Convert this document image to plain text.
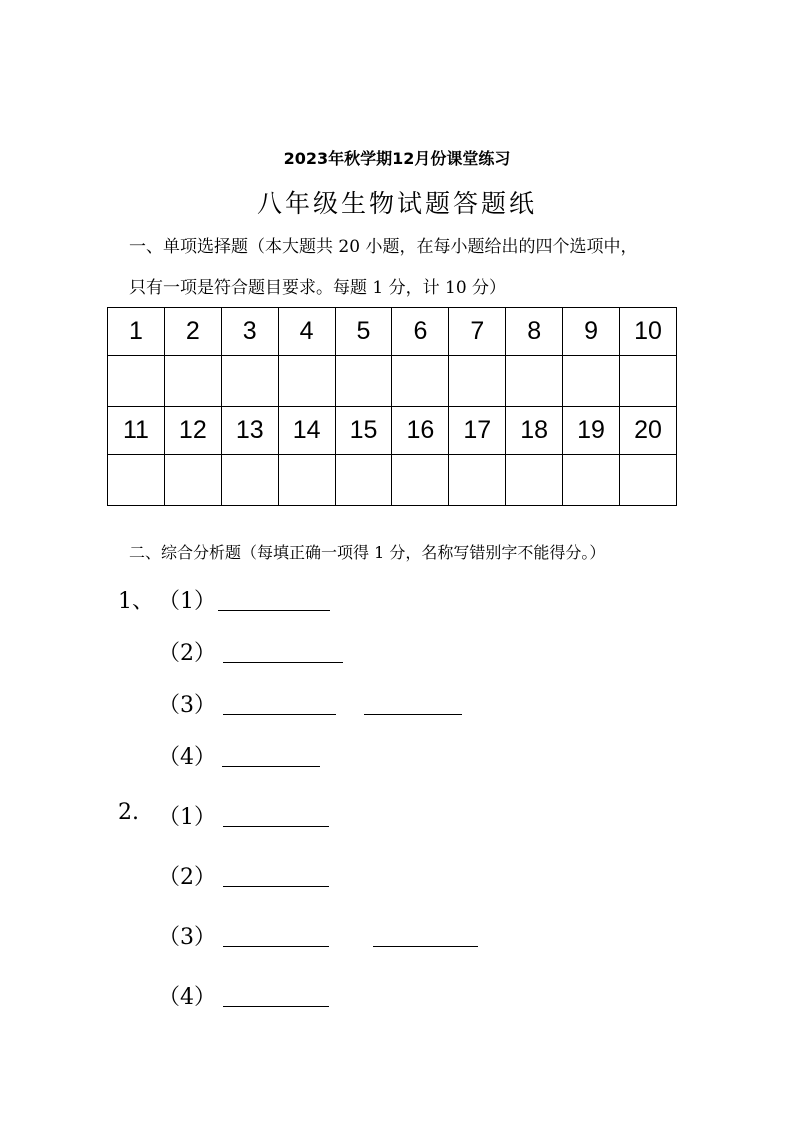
2023年秋学期12月份课堂练习
八年级生物试题答题纸
一、单项选择题（本大题共 20 小题，在每小题给出的四个选项中，
只有一项是符合题目要求。每题 1 分，计 10 分）
1	2	3	4	5	6	7	8	9	10

11	12	13	14	15	16	17	18	19	20

二、综合分析题（每填正确一项得 1 分，名称写错别字不能得分。）
1、 （1）
（2）
（3）
（4）
2. （1）
（2）
（3）
（4）
